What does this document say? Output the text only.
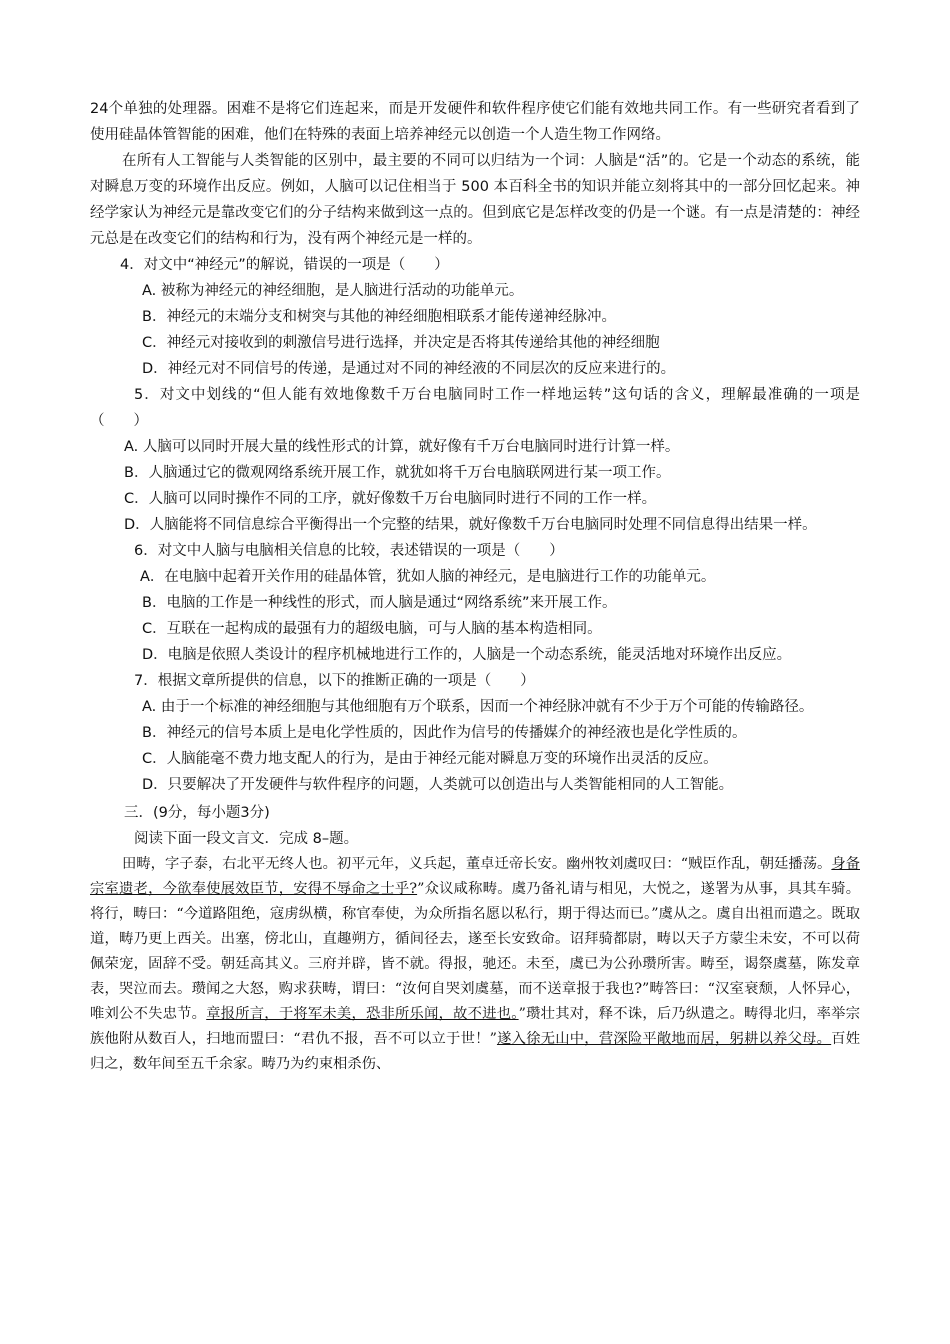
24个单独的处理器。困难不是将它们连起来，而是开发硬件和软件程序使它们能有效地共同工作。有一些研究者看到了使用硅晶体管智能的困难，他们在特殊的表面上培养神经元以创造一个人造生物工作网络。

在所有人工智能与人类智能的区别中，最主要的不同可以归结为一个词：人脑是“活”的。它是一个动态的系统，能对瞬息万变的环境作出反应。例如，人脑可以记住相当于 500 本百科全书的知识并能立刻将其中的一部分回忆起来。神经学家认为神经元是靠改变它们的分子结构来做到这一点的。但到底它是怎样改变的仍是一个谜。有一点是清楚的：神经元总是在改变它们的结构和行为，没有两个神经元是一样的。

4．对文中“神经元”的解说，错误的一项是（　　）

A. 被称为神经元的神经细胞，是人脑进行活动的功能单元。

B．神经元的末端分支和树突与其他的神经细胞相联系才能传递神经脉冲。

C．神经元对接收到的刺激信号进行选择，并决定是否将其传递给其他的神经细胞

D．神经元对不同信号的传递，是通过对不同的神经液的不同层次的反应来进行的。

5．对文中划线的“但人能有效地像数千万台电脑同时工作一样地运转”这句话的含义，理解最准确的一项是（　　）

A. 人脑可以同时开展大量的线性形式的计算，就好像有千万台电脑同时进行计算一样。

B．人脑通过它的微观网络系统开展工作，就犹如将千万台电脑联网进行某一项工作。

C．人脑可以同时操作不同的工序，就好像数千万台电脑同时进行不同的工作一样。

D．人脑能将不同信息综合平衡得出一个完整的结果，就好像数千万台电脑同时处理不同信息得出结果一样。

6．对文中人脑与电脑相关信息的比较，表述错误的一项是（　　）

A．在电脑中起着开关作用的硅晶体管，犹如人脑的神经元，是电脑进行工作的功能单元。

B．电脑的工作是一种线性的形式，而人脑是通过“网络系统”来开展工作。

C．互联在一起构成的最强有力的超级电脑，可与人脑的基本构造相同。

D．电脑是依照人类设计的程序机械地进行工作的，人脑是一个动态系统，能灵活地对环境作出反应。

7．根据文章所提供的信息，以下的推断正确的一项是（　　）

A. 由于一个标准的神经细胞与其他细胞有万个联系，因而一个神经脉冲就有不少于万个可能的传输路径。

B．神经元的信号本质上是电化学性质的，因此作为信号的传播媒介的神经液也是化学性质的。

C．人脑能毫不费力地支配人的行为，是由于神经元能对瞬息万变的环境作出灵活的反应。

D．只要解决了开发硬件与软件程序的问题，人类就可以创造出与人类智能相同的人工智能。

三．(9分，每小题3分)

阅读下面一段文言文．完成 8–题。

田畴，字子泰，右北平无终人也。初平元年，义兵起，董卓迁帝长安。幽州牧刘虞叹曰：“贼臣作乱，朝廷播荡。身备宗室遗老，今欲奉使展效臣节，安得不辱命之士乎?”众议咸称畴。虞乃备礼请与相见，大悦之，遂署为从事，具其车骑。将行，畴曰：“今道路阻绝，寇虏纵横，称官奉使，为众所指名愿以私行，期于得达而已。”虞从之。虞自出祖而遣之。既取道，畴乃更上西关。出塞，傍北山，直趣朔方，循间径去，遂至长安致命。诏拜骑都尉，畴以天子方蒙尘未安，不可以荷佩荣宠，固辞不受。朝廷高其义。三府并辟，皆不就。得报，驰还。未至，虞已为公孙瓒所害。畴至，谒祭虞墓，陈发章表，哭泣而去。瓒闻之大怒，购求获畴，谓曰：“汝何自哭刘虞墓，而不送章报于我也?”畴答曰：“汉室衰颓，人怀异心，唯刘公不失忠节。章报所言，于将军未美，恐非所乐闻，故不进也。”瓒壮其对，释不诛，后乃纵遣之。畴得北归，率举宗族他附从数百人，扫地而盟曰：“君仇不报，吾不可以立于世！”遂入徐无山中，营深险平敞地而居，躬耕以养父母。百姓归之，数年间至五千余家。畴乃为约束相杀伤、
